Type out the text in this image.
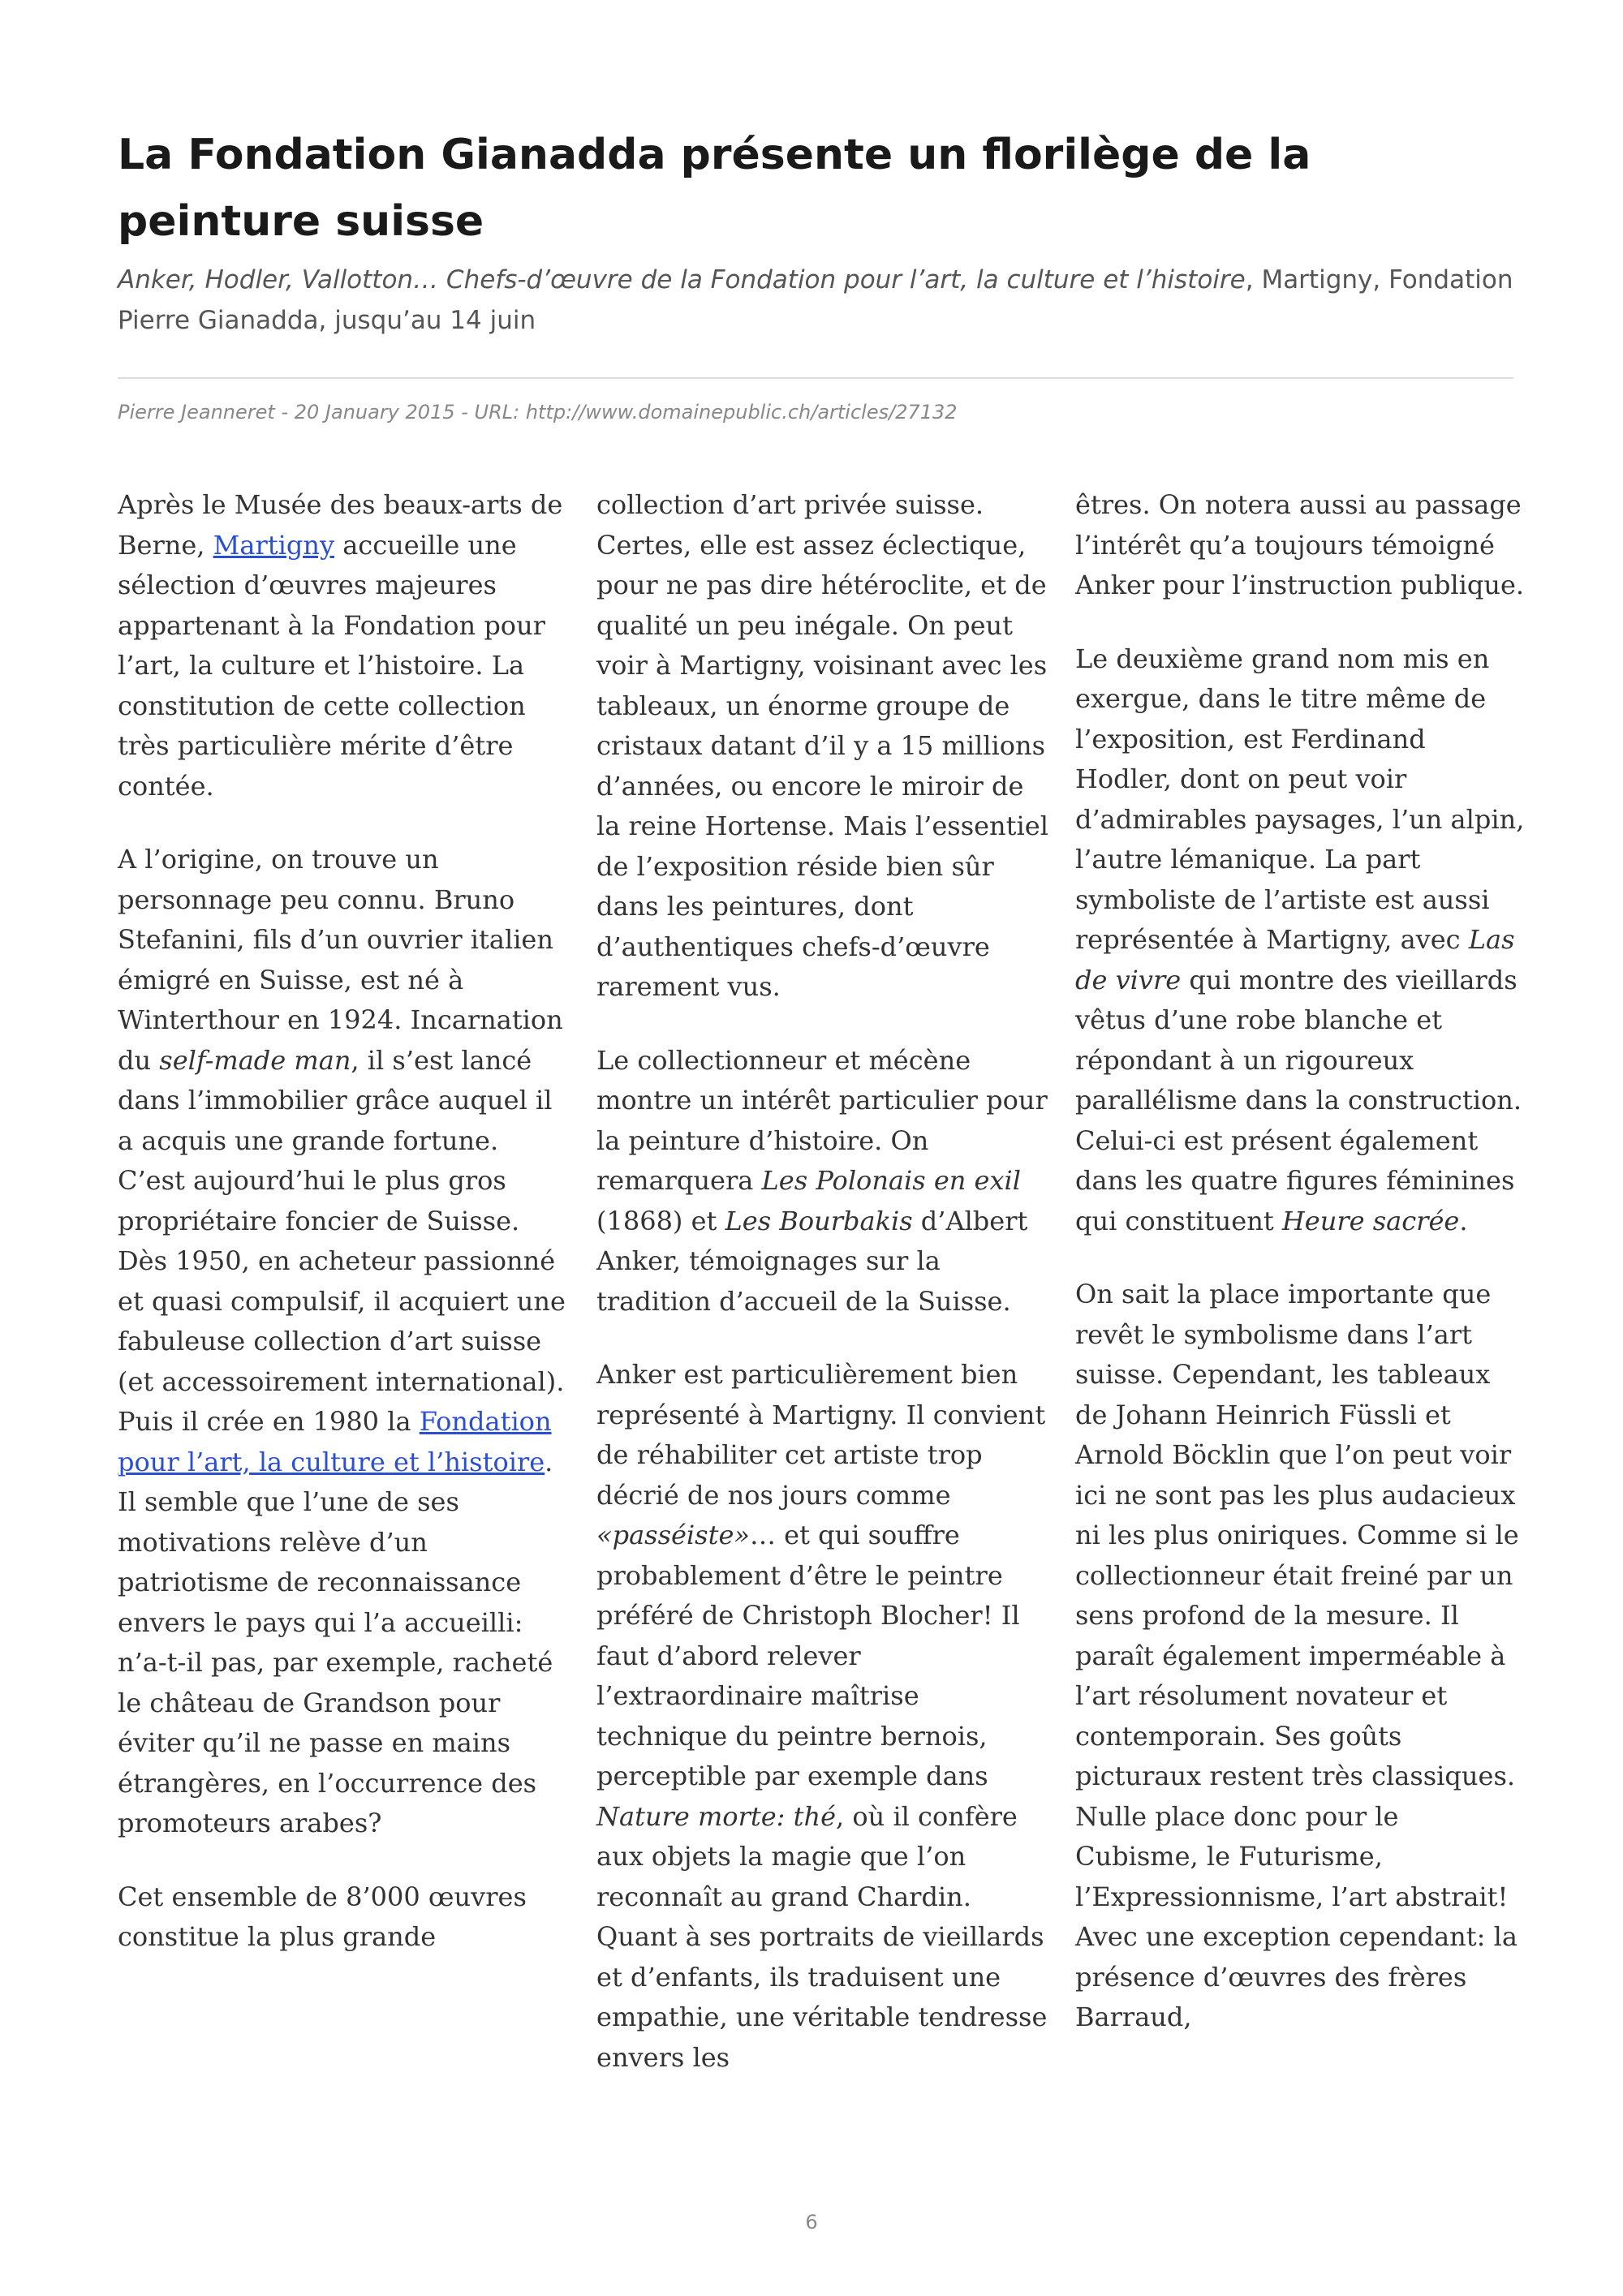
La Fondation Gianadda présente un florilège de la peinture suisse

Anker, Hodler, Vallotton… Chefs-d’œuvre de la Fondation pour l’art, la culture et l’histoire, Martigny, Fondation Pierre Gianadda, jusqu’au 14 juin

Pierre Jeanneret - 20 January 2015 - URL: http://www.domainepublic.ch/articles/27132

Après le Musée des beaux-arts de Berne, Martigny accueille une sélection d’œuvres majeures appartenant à la Fondation pour l’art, la culture et l’histoire. La constitution de cette collection très particulière mérite d’être contée.

A l’origine, on trouve un personnage peu connu. Bruno Stefanini, fils d’un ouvrier italien émigré en Suisse, est né à Winterthour en 1924. Incarnation du self-made man, il s’est lancé dans l’immobilier grâce auquel il a acquis une grande fortune. C’est aujourd’hui le plus gros propriétaire foncier de Suisse. Dès 1950, en acheteur passionné et quasi compulsif, il acquiert une fabuleuse collection d’art suisse (et accessoirement international). Puis il crée en 1980 la Fondation pour l’art, la culture et l’histoire. Il semble que l’une de ses motivations relève d’un patriotisme de reconnaissance envers le pays qui l’a accueilli: n’a-t-il pas, par exemple, racheté le château de Grandson pour éviter qu’il ne passe en mains étrangères, en l’occurrence des promoteurs arabes?

Cet ensemble de 8’000 œuvres constitue la plus grande

collection d’art privée suisse. Certes, elle est assez éclectique, pour ne pas dire hétéroclite, et de qualité un peu inégale. On peut voir à Martigny, voisinant avec les tableaux, un énorme groupe de cristaux datant d’il y a 15 millions d’années, ou encore le miroir de la reine Hortense. Mais l’essentiel de l’exposition réside bien sûr dans les peintures, dont d’authentiques chefs-d’œuvre rarement vus.

Le collectionneur et mécène montre un intérêt particulier pour la peinture d’histoire. On remarquera Les Polonais en exil (1868) et Les Bourbakis d’Albert Anker, témoignages sur la tradition d’accueil de la Suisse.

Anker est particulièrement bien représenté à Martigny. Il convient de réhabiliter cet artiste trop décrié de nos jours comme «passéiste»… et qui souffre probablement d’être le peintre préféré de Christoph Blocher! Il faut d’abord relever l’extraordinaire maîtrise technique du peintre bernois, perceptible par exemple dans Nature morte: thé, où il confère aux objets la magie que l’on reconnaît au grand Chardin. Quant à ses portraits de vieillards et d’enfants, ils traduisent une empathie, une véritable tendresse envers les

êtres. On notera aussi au passage l’intérêt qu’a toujours témoigné Anker pour l’instruction publique.

Le deuxième grand nom mis en exergue, dans le titre même de l’exposition, est Ferdinand Hodler, dont on peut voir d’admirables paysages, l’un alpin, l’autre lémanique. La part symboliste de l’artiste est aussi représentée à Martigny, avec Las de vivre qui montre des vieillards vêtus d’une robe blanche et répondant à un rigoureux parallélisme dans la construction. Celui-ci est présent également dans les quatre figures féminines qui constituent Heure sacrée.

On sait la place importante que revêt le symbolisme dans l’art suisse. Cependant, les tableaux de Johann Heinrich Füssli et Arnold Böcklin que l’on peut voir ici ne sont pas les plus audacieux ni les plus oniriques. Comme si le collectionneur était freiné par un sens profond de la mesure. Il paraît également imperméable à l’art résolument novateur et contemporain. Ses goûts picturaux restent très classiques. Nulle place donc pour le Cubisme, le Futurisme, l’Expressionnisme, l’art abstrait! Avec une exception cependant: la présence d’œuvres des frères Barraud,

6
